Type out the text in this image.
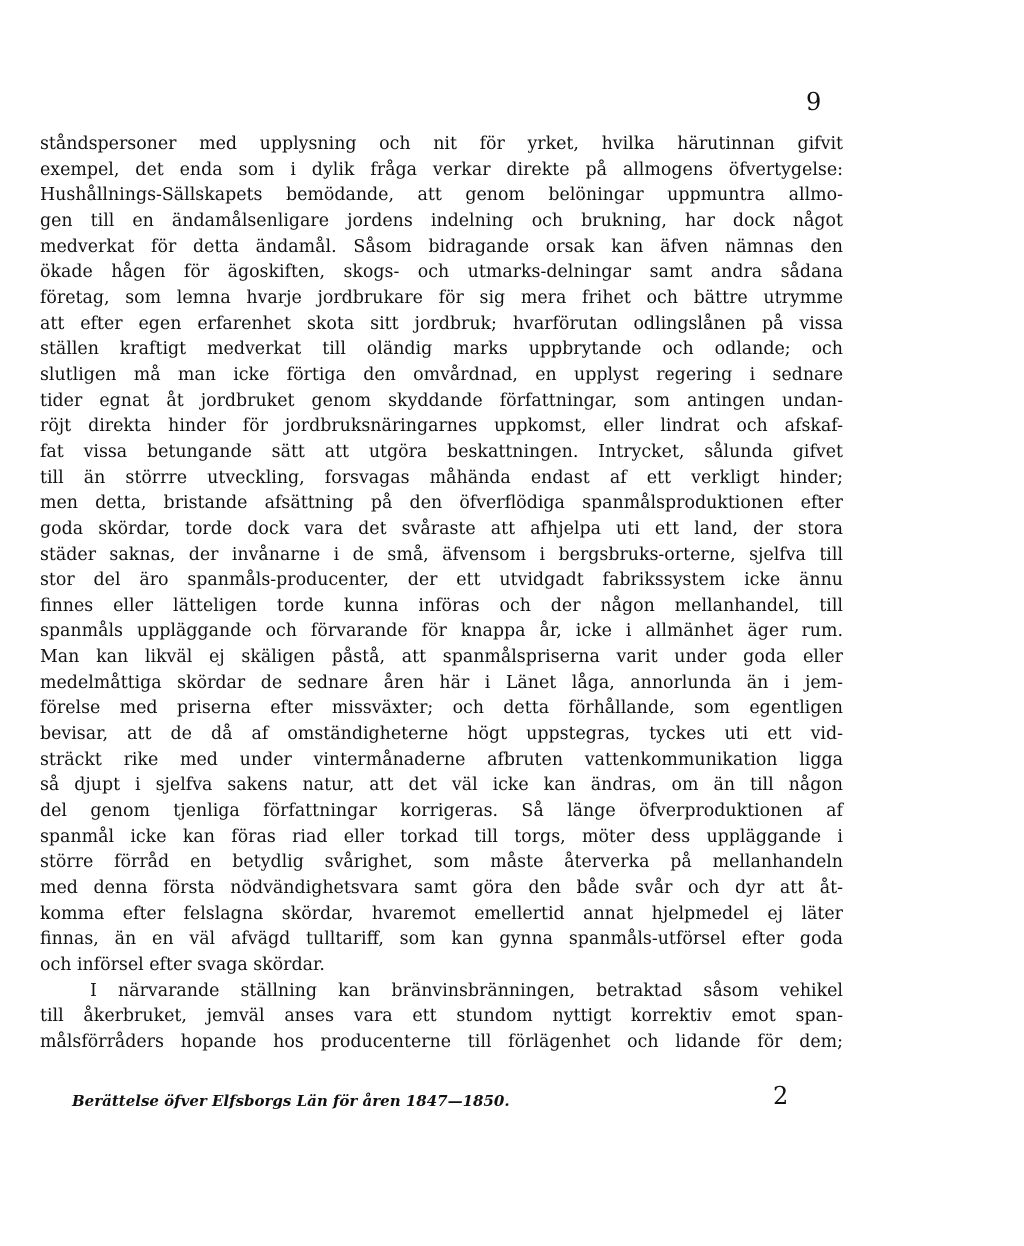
9
ståndspersoner med upplysning och nit för yrket, hvilka härutinnan gifvit
exempel, det enda som i dylik fråga verkar direkte på allmogens öfvertygelse:
Hushållnings-Sällskapets bemödande, att genom belöningar uppmuntra allmo-
gen till en ändamålsenligare jordens indelning och brukning, har dock något
medverkat för detta ändamål. Såsom bidragande orsak kan äfven nämnas den
ökade hågen för ägoskiften, skogs- och utmarks-delningar samt andra sådana
företag, som lemna hvarje jordbrukare för sig mera frihet och bättre utrymme
att efter egen erfarenhet skota sitt jordbruk; hvarförutan odlingslånen på vissa
ställen kraftigt medverkat till oländig marks uppbrytande och odlande; och
slutligen må man icke förtiga den omvårdnad, en upplyst regering i sednare
tider egnat åt jordbruket genom skyddande författningar, som antingen undan-
röjt direkta hinder för jordbruksnäringarnes uppkomst, eller lindrat och afskaf-
fat vissa betungande sätt att utgöra beskattningen. Intrycket, sålunda gifvet
till än störrre utveckling, forsvagas måhända endast af ett verkligt hinder;
men detta, bristande afsättning på den öfverflödiga spanmålsproduktionen efter
goda skördar, torde dock vara det svåraste att afhjelpa uti ett land, der stora
städer saknas, der invånarne i de små, äfvensom i bergsbruks-orterne, sjelfva till
stor del äro spanmåls-producenter, der ett utvidgadt fabrikssystem icke ännu
finnes eller lätteligen torde kunna införas och der någon mellanhandel, till
spanmåls uppläggande och förvarande för knappa år, icke i allmänhet äger rum.
Man kan likväl ej skäligen påstå, att spanmålspriserna varit under goda eller
medelmåttiga skördar de sednare åren här i Länet låga, annorlunda än i jem-
förelse med priserna efter missväxter; och detta förhållande, som egentligen
bevisar, att de då af omständigheterne högt uppstegras, tyckes uti ett vid-
sträckt rike med under vintermånaderne afbruten vattenkommunikation ligga
så djupt i sjelfva sakens natur, att det väl icke kan ändras, om än till någon
del genom tjenliga författningar korrigeras. Så länge öfverproduktionen af
spanmål icke kan föras riad eller torkad till torgs, möter dess uppläggande i
större förråd en betydlig svårighet, som måste återverka på mellanhandeln
med denna första nödvändighetsvara samt göra den både svår och dyr att åt-
komma efter felslagna skördar, hvaremot emellertid annat hjelpmedel ej läter
finnas, än en väl afvägd tulltariff, som kan gynna spanmåls-utförsel efter goda
och införsel efter svaga skördar.
I närvarande ställning kan bränvinsbränningen, betraktad såsom vehikel
till åkerbruket, jemväl anses vara ett stundom nyttigt korrektiv emot span-
målsförråders hopande hos producenterne till förlägenhet och lidande för dem;
Berättelse öfver Elfsborgs Län för åren 1847—1850.	2
